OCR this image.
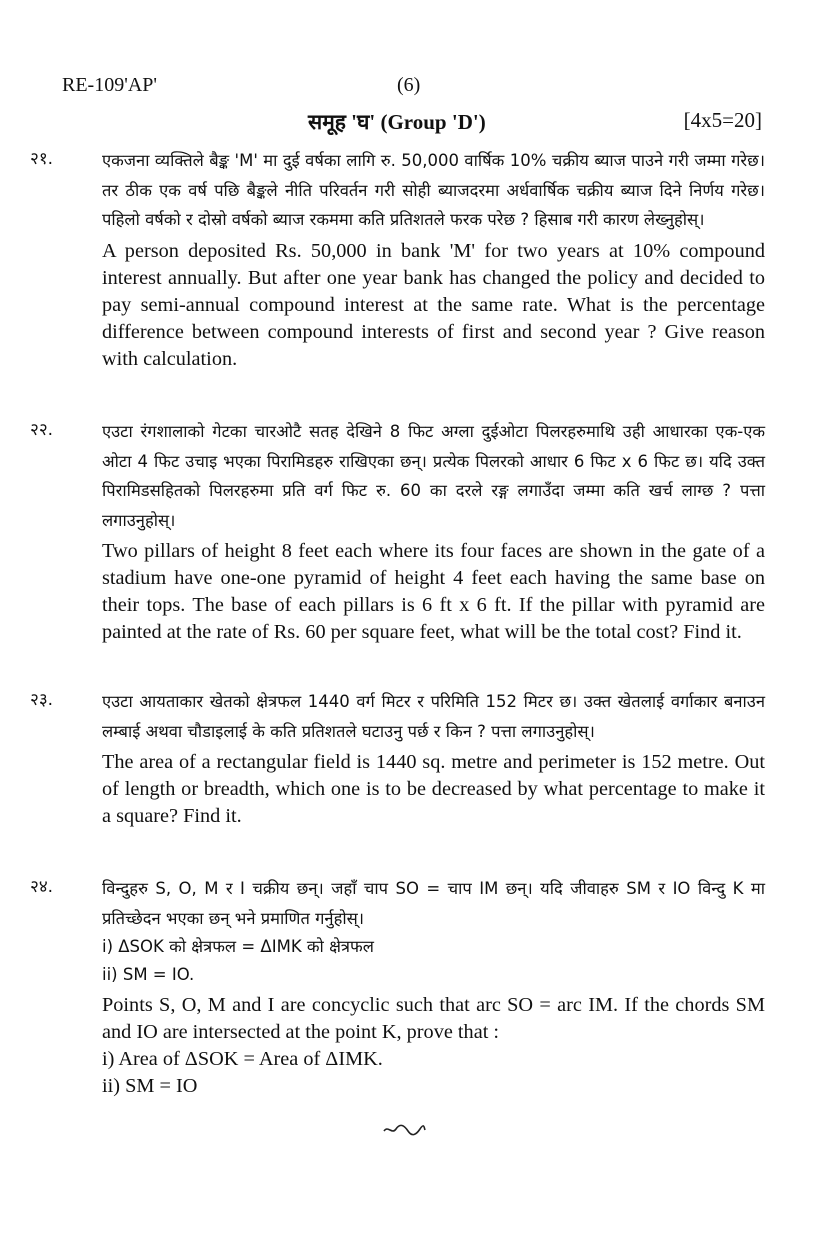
RE-109'AP'	(6)
समूह 'घ' (Group 'D')	[4x5=20]
२१.	एकजना व्यक्तिले बैङ्क 'M' मा दुई वर्षका लागि रु. 50,000 वार्षिक 10% चक्रीय ब्याज पाउने गरी जम्मा गरेछ। तर ठीक एक वर्ष पछि बैङ्कले नीति परिवर्तन गरी सोही ब्याजदरमा अर्धवार्षिक चक्रीय ब्याज दिने निर्णय गरेछ। पहिलो वर्षको र दोस्रो वर्षको ब्याज रकममा कति प्रतिशतले फरक परेछ ? हिसाब गरी कारण लेख्नुहोस्।
A person deposited Rs. 50,000 in bank 'M' for two years at 10% compound interest annually. But after one year bank has changed the policy and decided to pay semi-annual compound interest at the same rate. What is the percentage difference between compound interests of first and second year ? Give reason with calculation.
२२.	एउटा रंगशालाको गेटका चारओटै सतह देखिने 8 फिट अग्ला दुईओटा पिलरहरुमाथि उही आधारका एक-एक ओटा 4 फिट उचाइ भएका पिरामिडहरु राखिएका छन्। प्रत्येक पिलरको आधार 6 फिट x 6 फिट छ। यदि उक्त पिरामिडसहितको पिलरहरुमा प्रति वर्ग फिट रु. 60 का दरले रङ्ग लगाउँदा जम्मा कति खर्च लाग्छ ? पत्ता लगाउनुहोस्।
Two pillars of height 8 feet each where its four faces are shown in the gate of a stadium have one-one pyramid of height 4 feet each having the same base on their tops. The base of each pillars is 6 ft x 6 ft. If the pillar with pyramid are painted at the rate of Rs. 60 per square feet, what will be the total cost? Find it.
२३.	एउटा आयताकार खेतको क्षेत्रफल 1440 वर्ग मिटर र परिमिति 152 मिटर छ। उक्त खेतलाई वर्गाकार बनाउन लम्बाई अथवा चौडाइलाई के कति प्रतिशतले घटाउनु पर्छ र किन ? पत्ता लगाउनुहोस्।
The area of a rectangular field is 1440 sq. metre and perimeter is 152 metre. Out of length or breadth, which one is to be decreased by what percentage to make it a square? Find it.
२४.	विन्दुहरु S, O, M र I चक्रीय छन्। जहाँ चाप SO = चाप IM छन्। यदि जीवाहरु SM र IO विन्दु K मा प्रतिच्छेदन भएका छन् भने प्रमाणित गर्नुहोस्।
i) ΔSOK को क्षेत्रफल = ΔIMK को क्षेत्रफल
ii) SM = IO.
Points S, O, M and I are concyclic such that arc SO = arc IM. If the chords SM and IO are intersected at the point K, prove that :
i) Area of ΔSOK = Area of ΔIMK.
ii) SM = IO
